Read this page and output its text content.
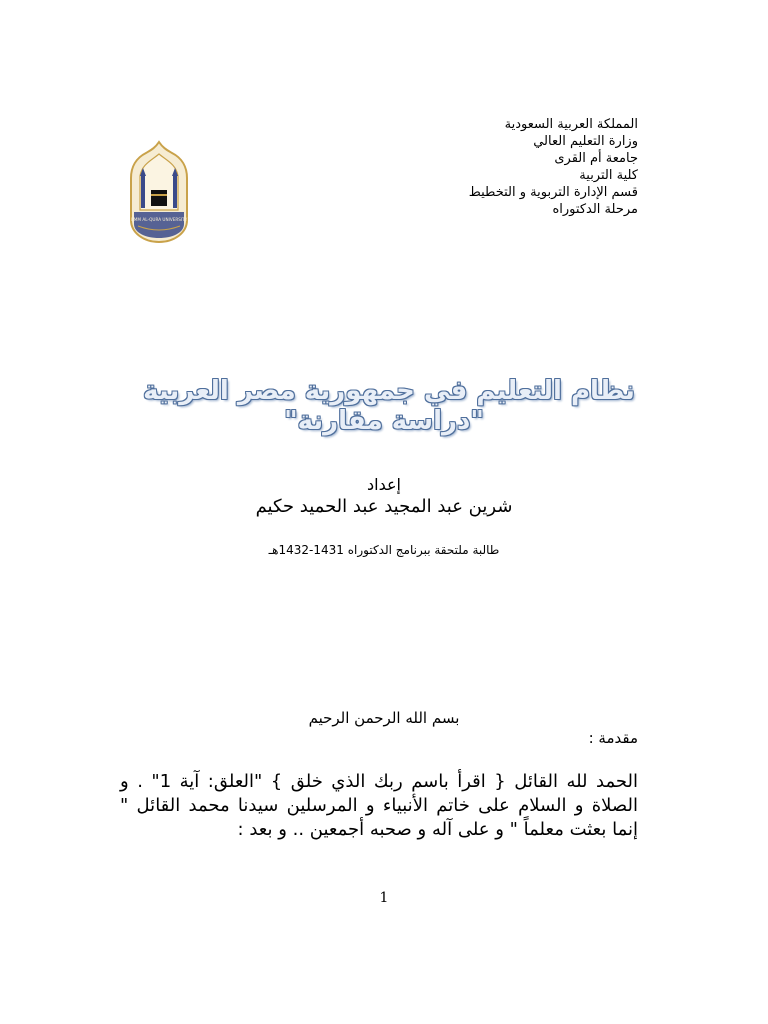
المملكة العربية السعودية
وزارة التعليم العالي
جامعة أم القرى
كلية التربية
قسم الإدارة التربوية و التخطيط
مرحلة الدكتوراه
UMM AL-QURA UNIVERSITY
نظام التعليم في جمهورية مصر العربية
"دراسة مقارنة"
إعداد
شرين عبد المجيد عبد الحميد حكيم
طالبة ملتحقة ببرنامج الدكتوراه 1431-1432هـ
بسم الله الرحمن الرحيم
مقدمة :
الحمد لله القائل { اقرأ باسم ربك الذي خلق } "العلق: آية 1" . و الصلاة و السلام على خاتم الأنبياء و المرسلين سيدنا محمد القائل " إنما بعثت معلماً " و على آله و صحبه أجمعين .. و بعد :
1
